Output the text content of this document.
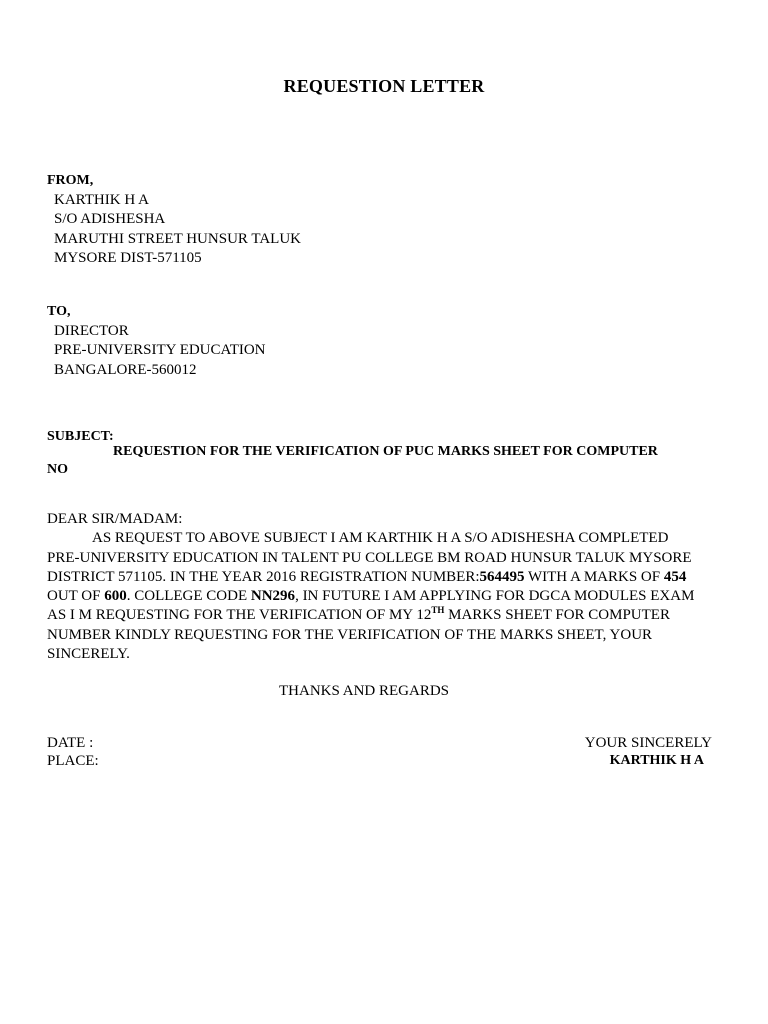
REQUESTION LETTER
FROM,
KARTHIK H A
S/O ADISHESHA
MARUTHI STREET HUNSUR TALUK
MYSORE DIST-571105
TO,
DIRECTOR
PRE-UNIVERSITY EDUCATION
BANGALORE-560012
SUBJECT:
REQUESTION FOR THE VERIFICATION OF PUC MARKS SHEET FOR COMPUTER
NO
DEAR SIR/MADAM:
AS REQUEST TO ABOVE SUBJECT I AM KARTHIK H A S/O ADISHESHA COMPLETED
PRE-UNIVERSITY EDUCATION IN TALENT PU COLLEGE BM ROAD HUNSUR TALUK MYSORE
DISTRICT 571105. IN THE YEAR 2016 REGISTRATION NUMBER:564495 WITH A MARKS OF 454
OUT OF 600. COLLEGE CODE NN296, IN FUTURE I AM APPLYING FOR DGCA MODULES EXAM
AS I M REQUESTING FOR THE VERIFICATION OF MY 12TH MARKS SHEET FOR COMPUTER
NUMBER KINDLY REQUESTING FOR THE VERIFICATION OF THE MARKS SHEET, YOUR
SINCERELY.
THANKS AND REGARDS
DATE :
PLACE:
YOUR SINCERELY
KARTHIK H A
